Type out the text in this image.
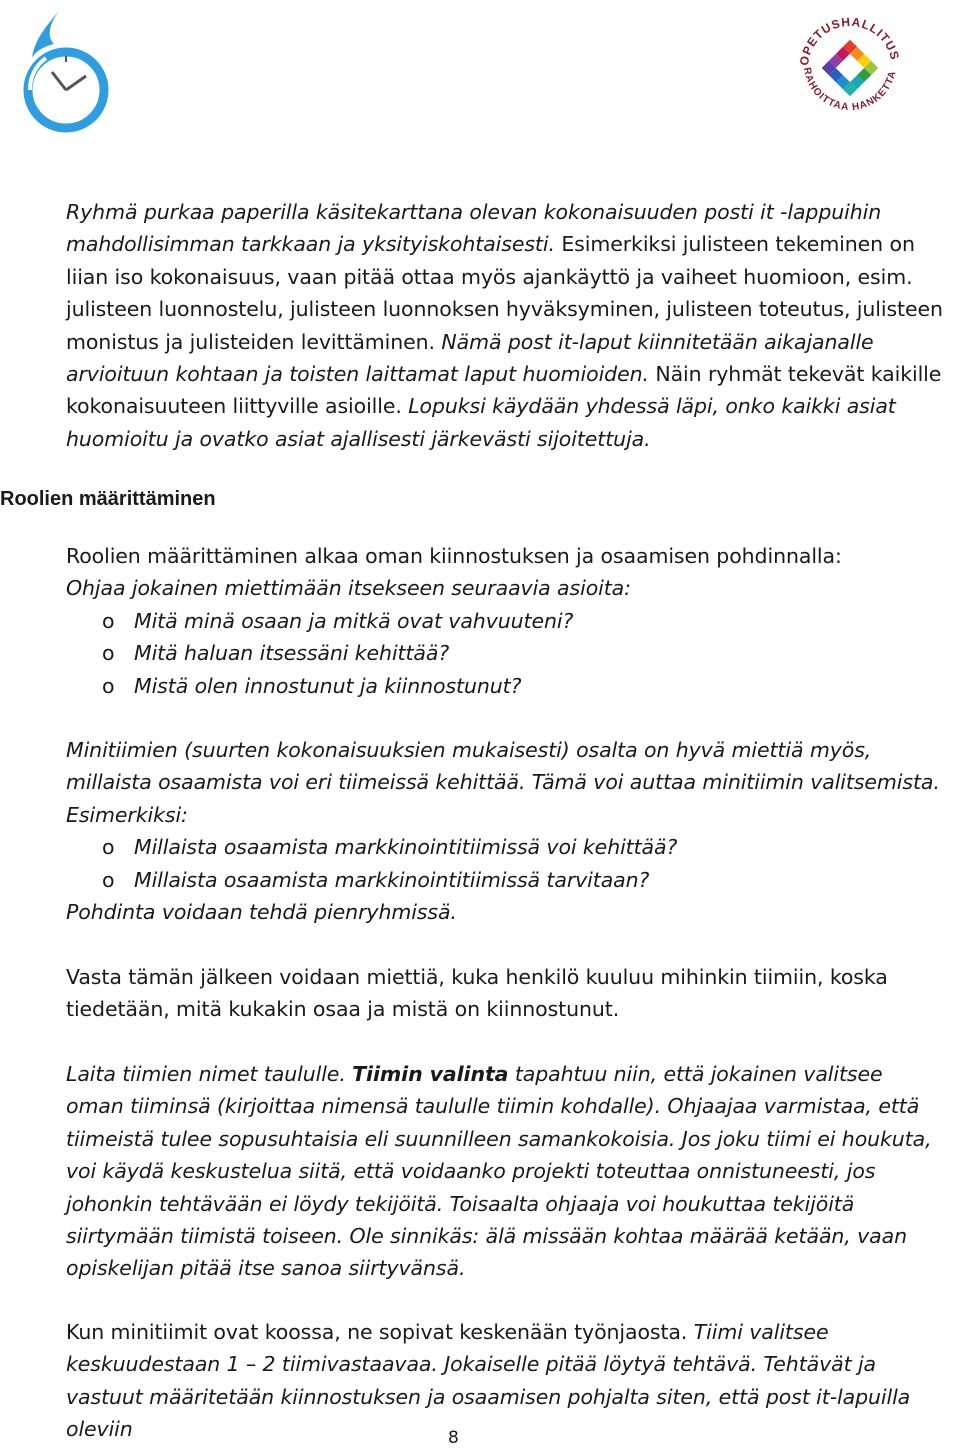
OPETUSHALLITUS
RAHOITTAA HANKETTA
Ryhmä purkaa paperilla käsitekarttana olevan kokonaisuuden posti it -lappuihin mahdollisimman tarkkaan ja yksityiskohtaisesti. Esimerkiksi julisteen tekeminen on liian iso kokonaisuus, vaan pitää ottaa myös ajankäyttö ja vaiheet huomioon, esim. julisteen luonnostelu, julisteen luonnoksen hyväksyminen, julisteen toteutus, julisteen monistus ja julisteiden levittäminen. Nämä post it-laput kiinnitetään aikajanalle arvioituun kohtaan ja toisten laittamat laput huomioiden. Näin ryhmät tekevät kaikille kokonaisuuteen liittyville asioille. Lopuksi käydään yhdessä läpi, onko kaikki asiat huomioitu ja ovatko asiat ajallisesti järkevästi sijoitettuja.
Roolien määrittäminen
Roolien määrittäminen alkaa oman kiinnostuksen ja osaamisen pohdinnalla:
Ohjaa jokainen miettimään itsekseen seuraavia asioita:
o Mitä minä osaan ja mitkä ovat vahvuuteni?
o Mitä haluan itsessäni kehittää?
o Mistä olen innostunut ja kiinnostunut?
Minitiimien (suurten kokonaisuuksien mukaisesti) osalta on hyvä miettiä myös, millaista osaamista voi eri tiimeissä kehittää. Tämä voi auttaa minitiimin valitsemista.
Esimerkiksi:
o Millaista osaamista markkinointitiimissä voi kehittää?
o Millaista osaamista markkinointitiimissä tarvitaan?
Pohdinta voidaan tehdä pienryhmissä.
Vasta tämän jälkeen voidaan miettiä, kuka henkilö kuuluu mihinkin tiimiin, koska tiedetään, mitä kukakin osaa ja mistä on kiinnostunut.
Laita tiimien nimet taululle. Tiimin valinta tapahtuu niin, että jokainen valitsee oman tiiminsä (kirjoittaa nimensä taululle tiimin kohdalle). Ohjaajaa varmistaa, että tiimeistä tulee sopusuhtaisia eli suunnilleen samankokoisia. Jos joku tiimi ei houkuta, voi käydä keskustelua siitä, että voidaanko projekti toteuttaa onnistuneesti, jos johonkin tehtävään ei löydy tekijöitä. Toisaalta ohjaaja voi houkuttaa tekijöitä siirtymään tiimistä toiseen. Ole sinnikäs: älä missään kohtaa määrää ketään, vaan opiskelijan pitää itse sanoa siirtyvänsä.
Kun minitiimit ovat koossa, ne sopivat keskenään työnjaosta. Tiimi valitsee keskuudestaan 1 – 2 tiimivastaavaa. Jokaiselle pitää löytyä tehtävä. Tehtävät ja vastuut määritetään kiinnostuksen ja osaamisen pohjalta siten, että post it-lapuilla oleviin	8
